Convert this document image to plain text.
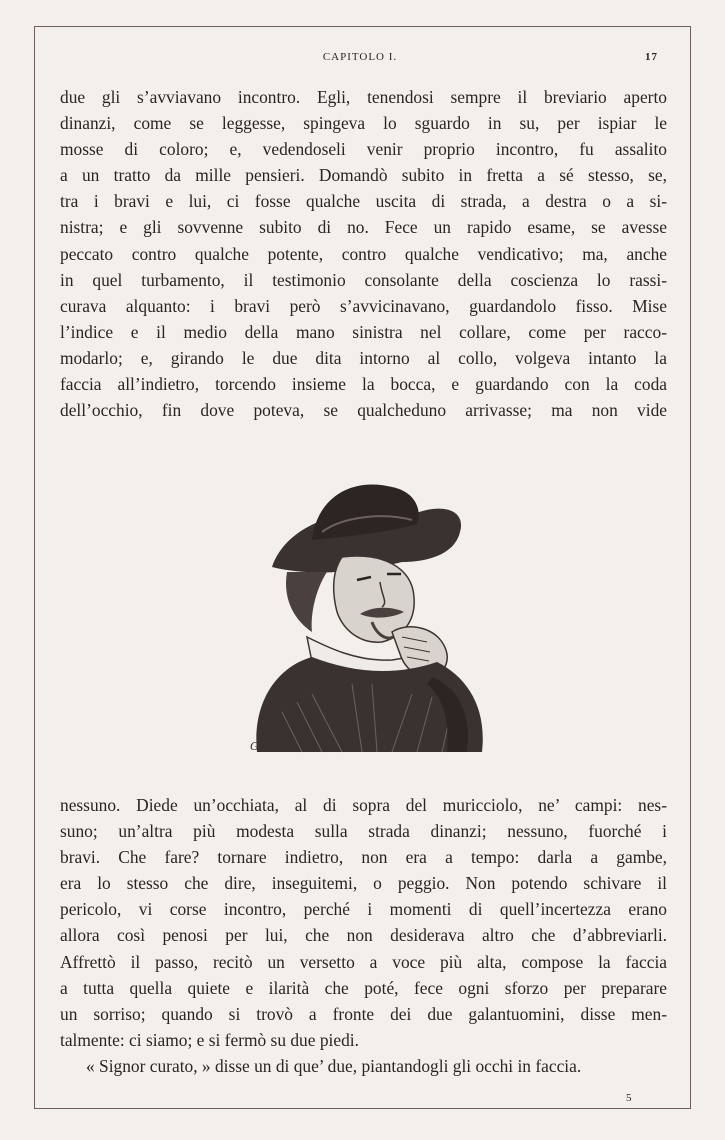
CAPITOLO I.	17
due gli s’avviavano incontro. Egli, tenendosi sempre il breviario aperto
dinanzi, come se leggesse, spingeva lo sguardo in su, per ispiar le
mosse di coloro; e, vedendoseli venir proprio incontro, fu assalito
a un tratto da mille pensieri. Domandò subito in fretta a sé stesso, se,
tra i bravi e lui, ci fosse qualche uscita di strada, a destra o a si-
nistra; e gli sovvenne subito di no. Fece un rapido esame, se avesse
peccato contro qualche potente, contro qualche vendicativo; ma, anche
in quel turbamento, il testimonio consolante della coscienza lo rassi-
curava alquanto: i bravi però s’avvicinavano, guardandolo fisso. Mise
l’indice e il medio della mano sinistra nel collare, come per racco-
modarlo; e, girando le due dita intorno al collo, volgeva intanto la
faccia all’indietro, torcendo insieme la bocca, e guardando con la coda
dell’occhio, fin dove poteva, se qualcheduno arrivasse; ma non vide
Gonin
nessuno. Diede un’occhiata, al di sopra del muricciolo, ne’ campi: nes-
suno; un’altra più modesta sulla strada dinanzi; nessuno, fuorché i
bravi. Che fare? tornare indietro, non era a tempo: darla a gambe,
era lo stesso che dire, inseguitemi, o peggio. Non potendo schivare il
pericolo, vi corse incontro, perché i momenti di quell’incertezza erano
allora così penosi per lui, che non desiderava altro che d’abbreviarli.
Affrettò il passo, recitò un versetto a voce più alta, compose la faccia
a tutta quella quiete e ilarità che poté, fece ogni sforzo per preparare
un sorriso; quando si trovò a fronte dei due galantuomini, disse men-
talmente: ci siamo; e si fermò su due piedi.
« Signor curato, » disse un di que’ due, piantandogli gli occhi in faccia.
5
